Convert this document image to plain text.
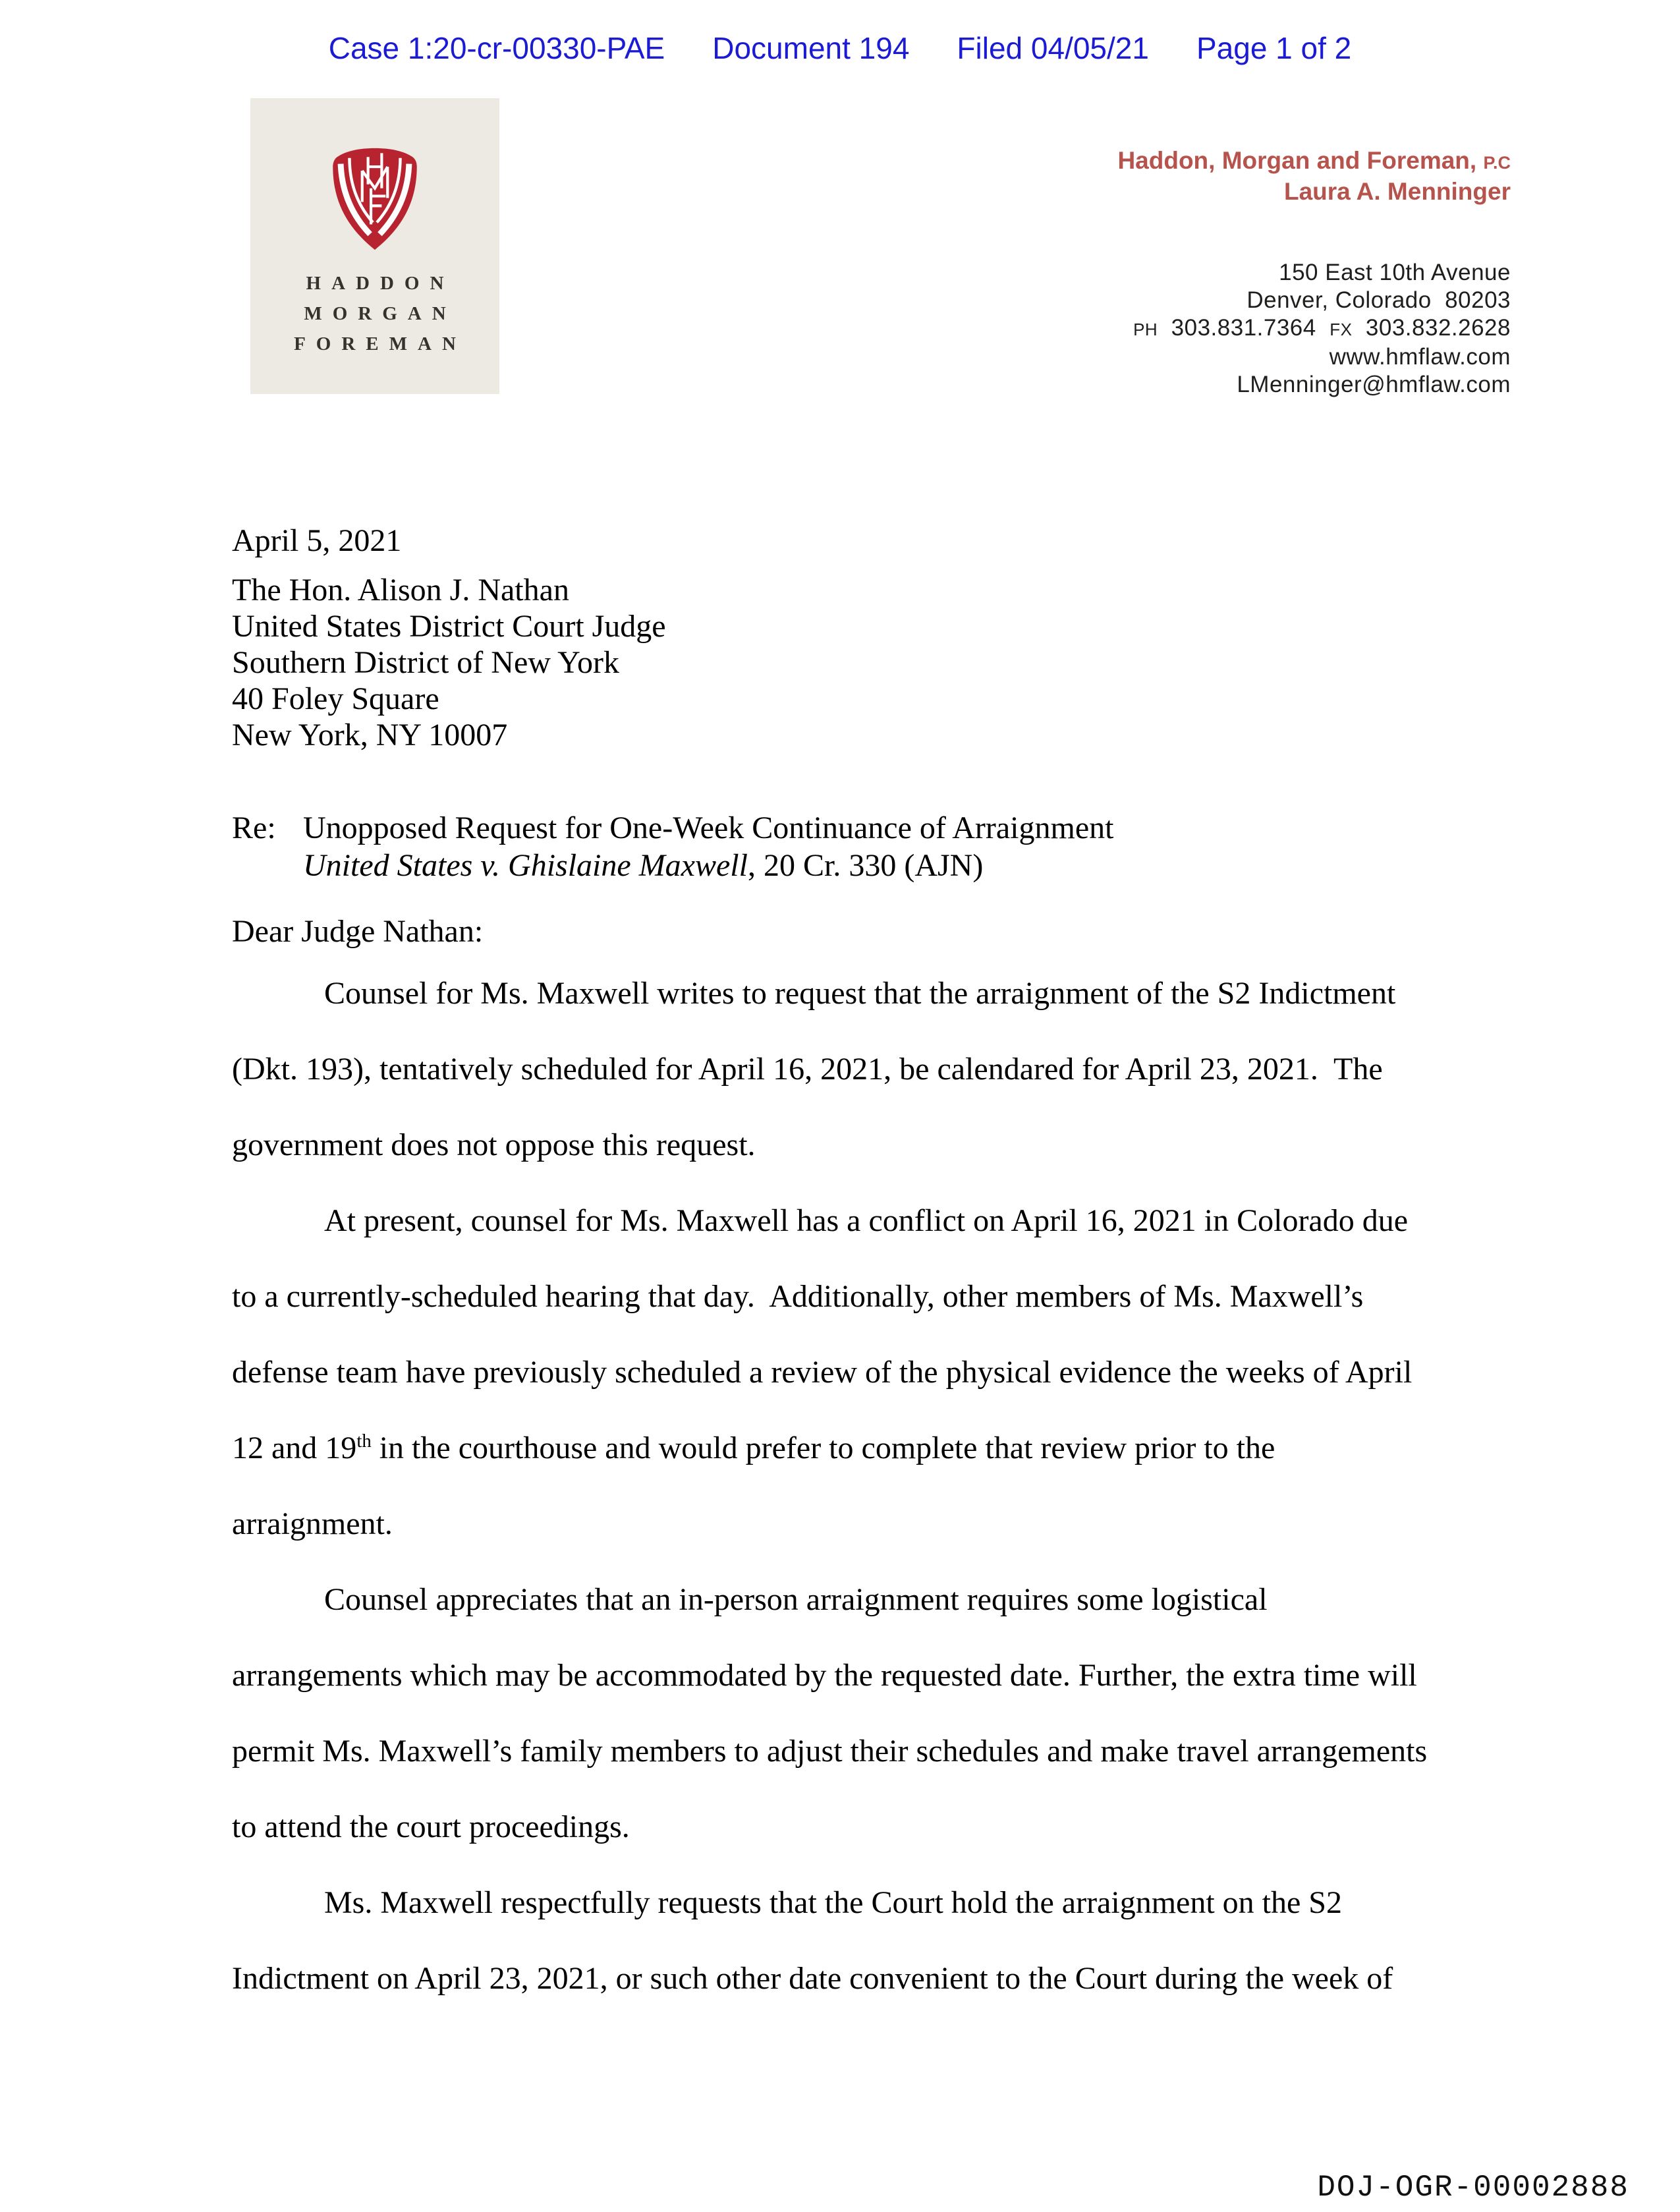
Case 1:20-cr-00330-PAE Document 194 Filed 04/05/21 Page 1 of 2
HADDON
MORGAN
FOREMAN
Haddon, Morgan and Foreman, P.C
Laura A. Menninger
150 East 10th Avenue
Denver, Colorado  80203
PH 303.831.7364 FX 303.832.2628
www.hmflaw.com
LMenninger@hmflaw.com
April 5, 2021
The Hon. Alison J. Nathan
United States District Court Judge
Southern District of New York
40 Foley Square
New York, NY 10007
Re: Unopposed Request for One-Week Continuance of Arraignment
United States v. Ghislaine Maxwell, 20 Cr. 330 (AJN)
Dear Judge Nathan:
Counsel for Ms. Maxwell writes to request that the arraignment of the S2 Indictment
(Dkt. 193), tentatively scheduled for April 16, 2021, be calendared for April 23, 2021.  The
government does not oppose this request.
At present, counsel for Ms. Maxwell has a conflict on April 16, 2021 in Colorado due
to a currently-scheduled hearing that day.  Additionally, other members of Ms. Maxwell’s
defense team have previously scheduled a review of the physical evidence the weeks of April
12 and 19th in the courthouse and would prefer to complete that review prior to the
arraignment.
Counsel appreciates that an in-person arraignment requires some logistical
arrangements which may be accommodated by the requested date. Further, the extra time will
permit Ms. Maxwell’s family members to adjust their schedules and make travel arrangements
to attend the court proceedings.
Ms. Maxwell respectfully requests that the Court hold the arraignment on the S2
Indictment on April 23, 2021, or such other date convenient to the Court during the week of
DOJ-OGR-00002888
